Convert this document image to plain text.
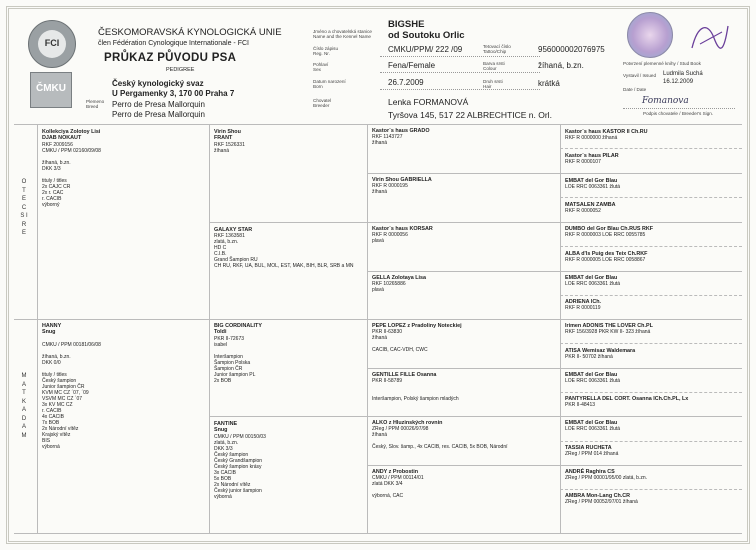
FCI
ČMKU
ČESKOMORAVSKÁ KYNOLOGICKÁ UNIE
člen Fédération Cynologique Internationale - FCI
PRŮKAZ PŮVODU PSA
PEDIGREE
Český kynologický svaz
U Pergamenky 3, 170 00 Praha 7
Perro de Presa Mallorquin
Perro de Presa Mallorquin
Plemeno
Breed
Jméno a chovatelská stanice
Name and the Kennel Name
Číslo zápisu
Reg. Nr.
Pohlaví
Sex
Datum narození
Born
Chovatel
Breeder
BIGSHE
od Soutoku Orlic
CMKU/PPM/ 222 /09
Fena/Female
26.7.2009
Lenka FORMANOVÁ
Tyršova 145, 517 22 ALBRECHTICE n. Orl.
Tetovací číslo
Tattoo/Chip
Barva srsti
Colour
Druh srsti
Hair
956000002076975
žíhaná, b.zn.
krátká
Potvrzení plemenné knihy / Stud Book
Vystavil / Issued Ludmila Suchá
16.12.2009
Date / Date
Fomanova
Podpis chovatele / Breeder's Sign.
O T E C S I R E
M A T K A D A M
Kollekciya Zolotoy Lisi
DJAB NOKAUT
RKF 2009156
CMKU / PPM 02160/09/08

žíhaná, b.zn.
DKK 3/3

tituly / titles
2x CAJC CR
2x r. CAC
r. CACIB
výborný
HANNY
Snug

CMKU / PPM 00181/06/08

žíhaná, b.zn.
DKK 0/0

tituly / titles
Český šampion
Junior šampion ČR
KVM MC CZ ´07, ´09
VSVM MC CZ ´07
3x KV MC CZ
r. CACIB
4x CACIB
7x BOB
2x Národní vítěz
Krajský vítěz
BIS
výborná
Virin Shou
FRANT
RKF 1526331
žíhaná
GALAXY STAR
RKF 1363581
zlatá, b.zn.
HD C
C.I.B.
Grand Šampion RU
CH RU, RKF, UA, BUL, MOL, EST, MAK, BIH, BLR, SRB a MN
BIG CORDINALITY
Toldi
PKR II-72673
isabel

Interšampion
Šampion Polska
Šampion ČR
Junior šampion PL
2x BOB
FANTINE
Snug
CMKU / PPM 00150/03
zlatá, b.zn.
DKK 3/3
Český šampion
Český Grandšampion
Český šampion krásy
3x CACIB
5x BOB
2x Národní vítěz
Český junior šampion
výborná
Kastor´s haus GRADO
RKF 1143727
žíhaná
Virin Shou GABRIELLA
RKF R 0000195
žíhaná
Kastor´s haus KORSAR
RKF R 0000056
plavá
GELLA Zolotaya Lisa
RKF 10265886
plavá
PEPE LOPEZ z Pradoliny Noteckiej
PKR II-63830
žíhaná

CACIB, CAC-VDH, CWC
GENTILLE FILLE Osanna
PKR II-58789

Interšampion, Polský šampion mladých
ALKO z Hluzinských rovnin
ZReg / PPM 00026/97/98
žíhaná

Český, Slov. šamp., 4x CACIB, res. CACIB, 5x BOB, Národní
ANDY z Probostin
CMKU / PPM 00114/01
zlatá DKK 3/4

výborná, CAC
Kastor´s haus KASTOR II Ch.RU
RKF R 0000000 žíhaná
Kastor´s haus PILAR
RKF R 0000107
EMBAT del Gor Blau
LOE RRC 0063361 žlutá
MATSALEN ZAMBA
RKF R 0000052
DUMBO del Gor Blau Ch.RUS RKF
RKF R 0000003 LOE RRC 0055785
ALBA d'ls Puig des Teix Ch.RKF
RKF R 0000005 LOE RRC 0058867
EMBAT del Gor Blau
LOE RRC 0063361 žlutá
ADRIENA lCh.
RKF R 0000119
Irimen ADONIS THE LOVER Ch.PL
RKF 156/3928 PKR KW II- 323 žíhaná
ATISA Wemisaz Waldemara
PKR II- 50702 žíhaná
EMBAT del Gor Blau
LOE RRC 0063361 žlutá
PANTYRELLA DEL CORT. Osanna ICh.Ch.PL, Lx
PKR II-48413
EMBAT del Gor Blau
LOE RRC 0063361 žlutá
TASSIA RUCHETA
ZReg / PPM 014 žíhaná
ANDRÉ Raghira CS
ZReg / PPM 00001/95/00 zlatá, b.zn.
AMBRA Mon-Lang Ch.CR
ZReg / PPM 00052/97/01 žíhaná
